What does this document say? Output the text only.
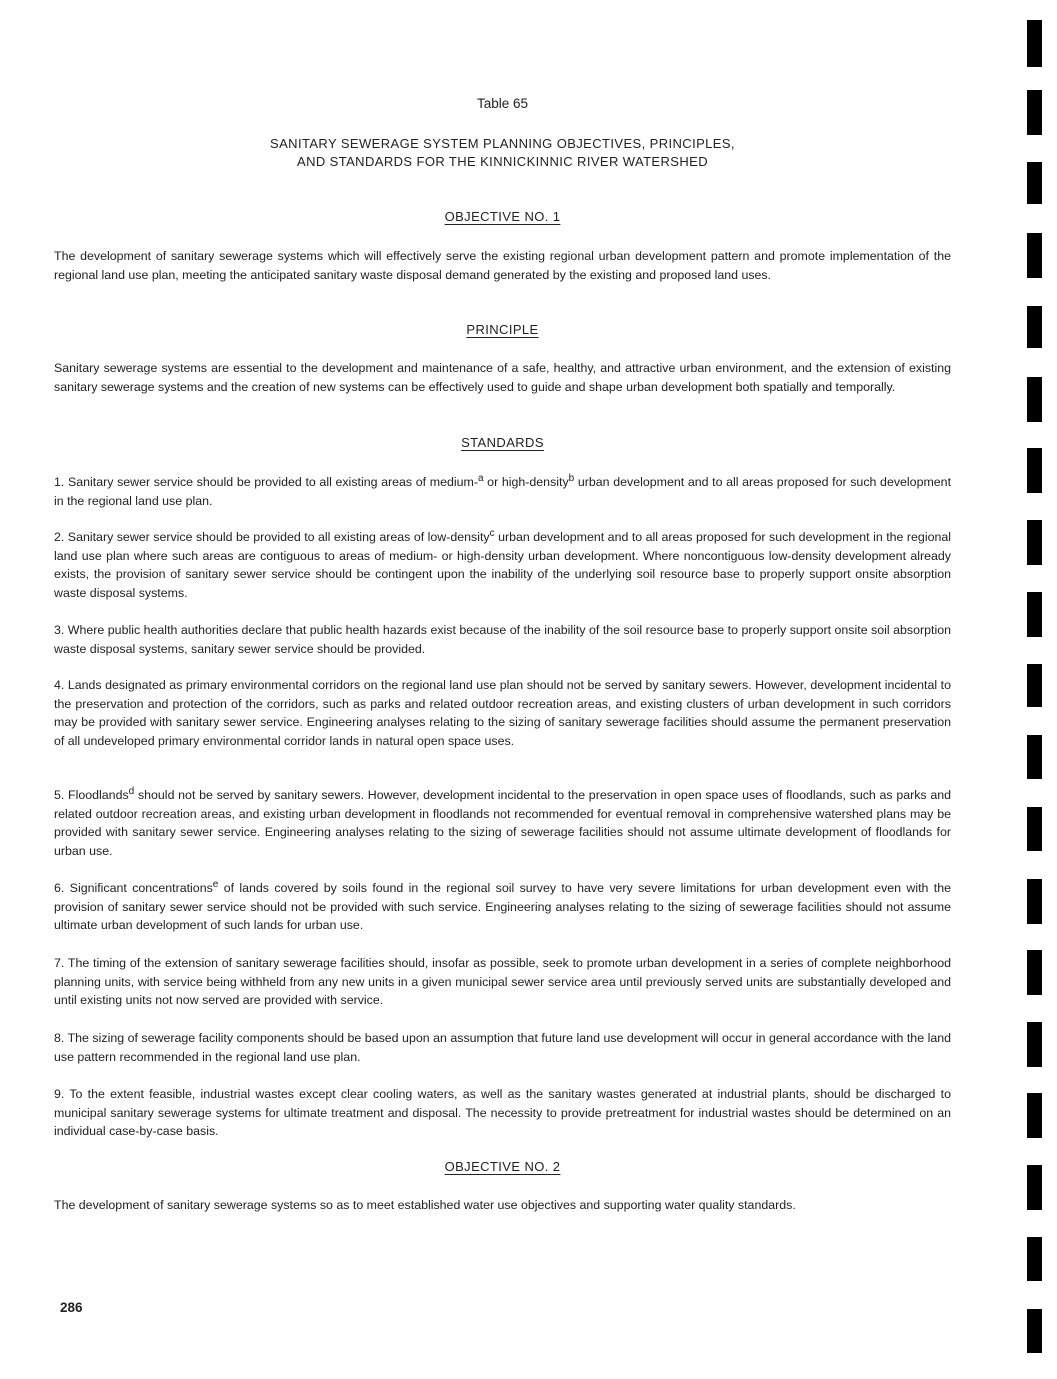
Table 65
SANITARY SEWERAGE SYSTEM PLANNING OBJECTIVES, PRINCIPLES,
AND STANDARDS FOR THE KINNICKINNIC RIVER WATERSHED
OBJECTIVE NO. 1
The development of sanitary sewerage systems which will effectively serve the existing regional urban development pattern and promote implementation of the regional land use plan, meeting the anticipated sanitary waste disposal demand generated by the existing and proposed land uses.
PRINCIPLE
Sanitary sewerage systems are essential to the development and maintenance of a safe, healthy, and attractive urban environment, and the extension of existing sanitary sewerage systems and the creation of new systems can be effectively used to guide and shape urban development both spatially and temporally.
STANDARDS
1. Sanitary sewer service should be provided to all existing areas of medium-$^a$ or high-density$^b$ urban development and to all areas proposed for such development in the regional land use plan.
2. Sanitary sewer service should be provided to all existing areas of low-density$^c$ urban development and to all areas proposed for such development in the regional land use plan where such areas are contiguous to areas of medium- or high-density urban development. Where noncontiguous low-density development already exists, the provision of sanitary sewer service should be contingent upon the inability of the underlying soil resource base to properly support onsite absorption waste disposal systems.
3. Where public health authorities declare that public health hazards exist because of the inability of the soil resource base to properly support onsite soil absorption waste disposal systems, sanitary sewer service should be provided.
4. Lands designated as primary environmental corridors on the regional land use plan should not be served by sanitary sewers. However, development incidental to the preservation and protection of the corridors, such as parks and related outdoor recreation areas, and existing clusters of urban development in such corridors may be provided with sanitary sewer service. Engineering analyses relating to the sizing of sanitary sewerage facilities should assume the permanent preservation of all undeveloped primary environmental corridor lands in natural open space uses.
5. Floodlands$^d$ should not be served by sanitary sewers. However, development incidental to the preservation in open space uses of floodlands, such as parks and related outdoor recreation areas, and existing urban development in floodlands not recommended for eventual removal in comprehensive watershed plans may be provided with sanitary sewer service. Engineering analyses relating to the sizing of sewerage facilities should not assume ultimate development of floodlands for urban use.
6. Significant concentrations$^e$ of lands covered by soils found in the regional soil survey to have very severe limitations for urban development even with the provision of sanitary sewer service should not be provided with such service. Engineering analyses relating to the sizing of sewerage facilities should not assume ultimate urban development of such lands for urban use.
7. The timing of the extension of sanitary sewerage facilities should, insofar as possible, seek to promote urban development in a series of complete neighborhood planning units, with service being withheld from any new units in a given municipal sewer service area until previously served units are substantially developed and until existing units not now served are provided with service.
8. The sizing of sewerage facility components should be based upon an assumption that future land use development will occur in general accordance with the land use pattern recommended in the regional land use plan.
9. To the extent feasible, industrial wastes except clear cooling waters, as well as the sanitary wastes generated at industrial plants, should be discharged to municipal sanitary sewerage systems for ultimate treatment and disposal. The necessity to provide pretreatment for industrial wastes should be determined on an individual case-by-case basis.
OBJECTIVE NO. 2
The development of sanitary sewerage systems so as to meet established water use objectives and supporting water quality standards.
286
